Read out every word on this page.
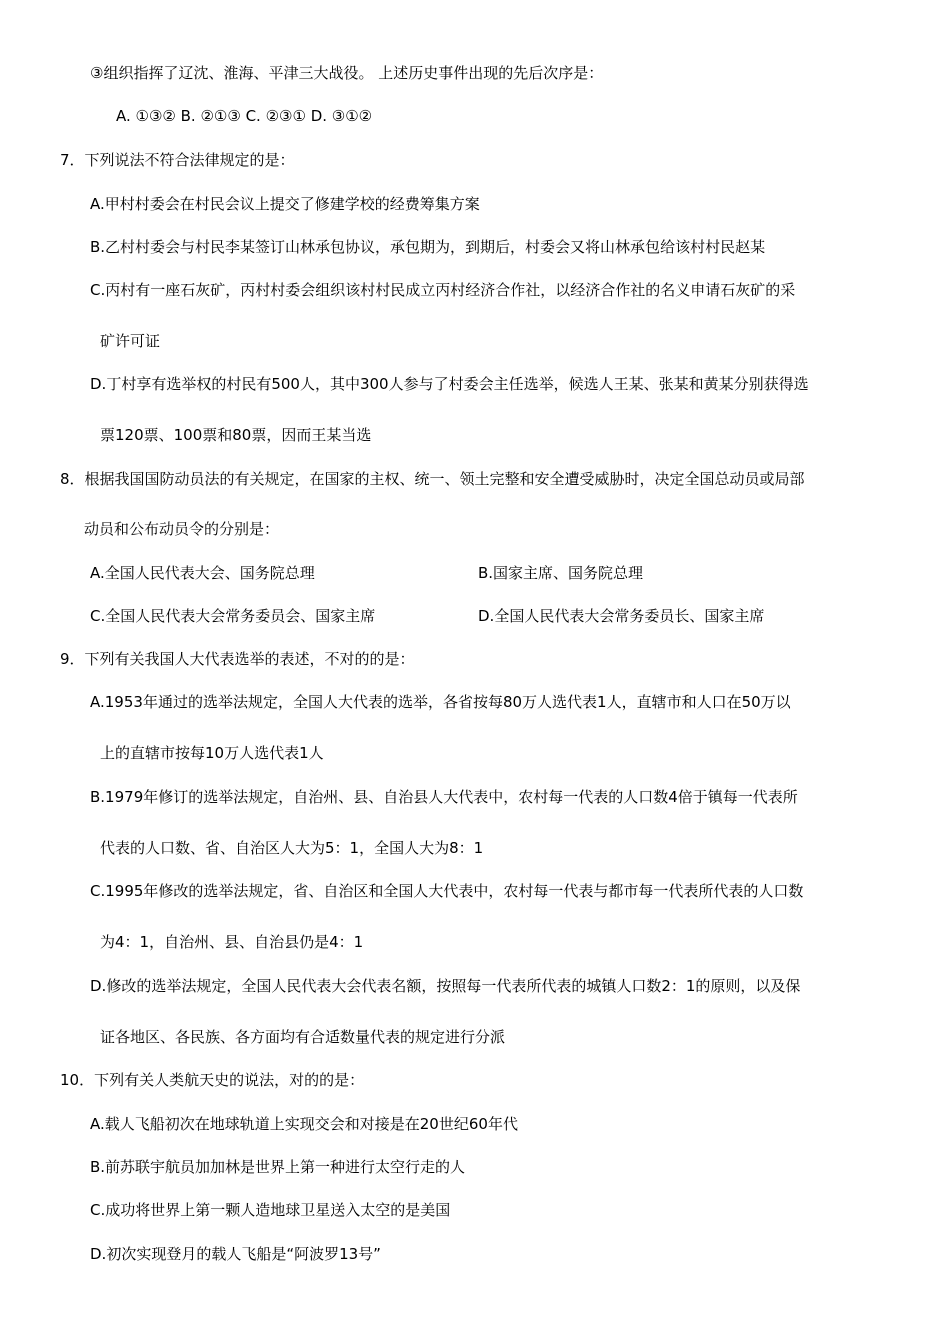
③组织指挥了辽沈、淮海、平津三大战役。 上述历史事件出现的先后次序是：
A. ①③② B. ②①③ C. ②③① D. ③①②
7．下列说法不符合法律规定的是：
A.甲村村委会在村民会议上提交了修建学校的经费筹集方案
B.乙村村委会与村民李某签订山林承包协议，承包期为，到期后，村委会又将山林承包给该村村民赵某
C.丙村有一座石灰矿，丙村村委会组织该村村民成立丙村经济合作社，以经济合作社的名义申请石灰矿的采
矿许可证
D.丁村享有选举权的村民有500人，其中300人参与了村委会主任选举，候选人王某、张某和黄某分别获得选
票120票、100票和80票，因而王某当选
8．根据我国国防动员法的有关规定，在国家的主权、统一、领土完整和安全遭受威胁时，决定全国总动员或局部
动员和公布动员令的分别是：
A.全国人民代表大会、国务院总理	B.国家主席、国务院总理
C.全国人民代表大会常务委员会、国家主席	D.全国人民代表大会常务委员长、国家主席
9．下列有关我国人大代表选举的表述，不对的的是：
A.1953年通过的选举法规定，全国人大代表的选举，各省按每80万人选代表1人，直辖市和人口在50万以
上的直辖市按每10万人选代表1人
B.1979年修订的选举法规定，自治州、县、自治县人大代表中，农村每一代表的人口数4倍于镇每一代表所
代表的人口数、省、自治区人大为5：1，全国人大为8：1
C.1995年修改的选举法规定，省、自治区和全国人大代表中，农村每一代表与都市每一代表所代表的人口数
为4：1，自治州、县、自治县仍是4：1
D.修改的选举法规定，全国人民代表大会代表名额，按照每一代表所代表的城镇人口数2：1的原则，以及保
证各地区、各民族、各方面均有合适数量代表的规定进行分派
10．下列有关人类航天史的说法，对的的是：
A.载人飞船初次在地球轨道上实现交会和对接是在20世纪60年代
B.前苏联宇航员加加林是世界上第一种进行太空行走的人
C.成功将世界上第一颗人造地球卫星送入太空的是美国
D.初次实现登月的载人飞船是“阿波罗13号”
